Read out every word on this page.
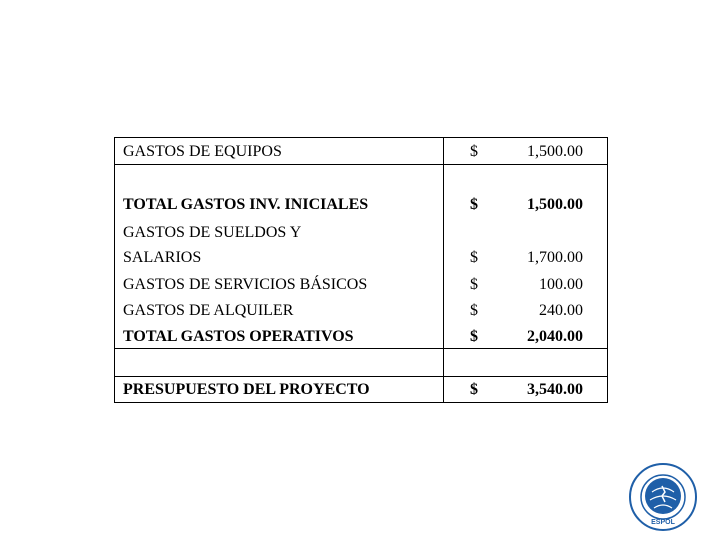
GASTOS DE EQUIPOS	$	1,500.00
TOTAL GASTOS INV. INICIALES	$	1,500.00
GASTOS DE SUELDOS Y
SALARIOS	$	1,700.00
GASTOS DE SERVICIOS BÁSICOS	$	100.00
GASTOS DE ALQUILER	$	240.00
TOTAL GASTOS OPERATIVOS	$	2,040.00
PRESUPUESTO DEL PROYECTO	$	3,540.00
ESPOL
